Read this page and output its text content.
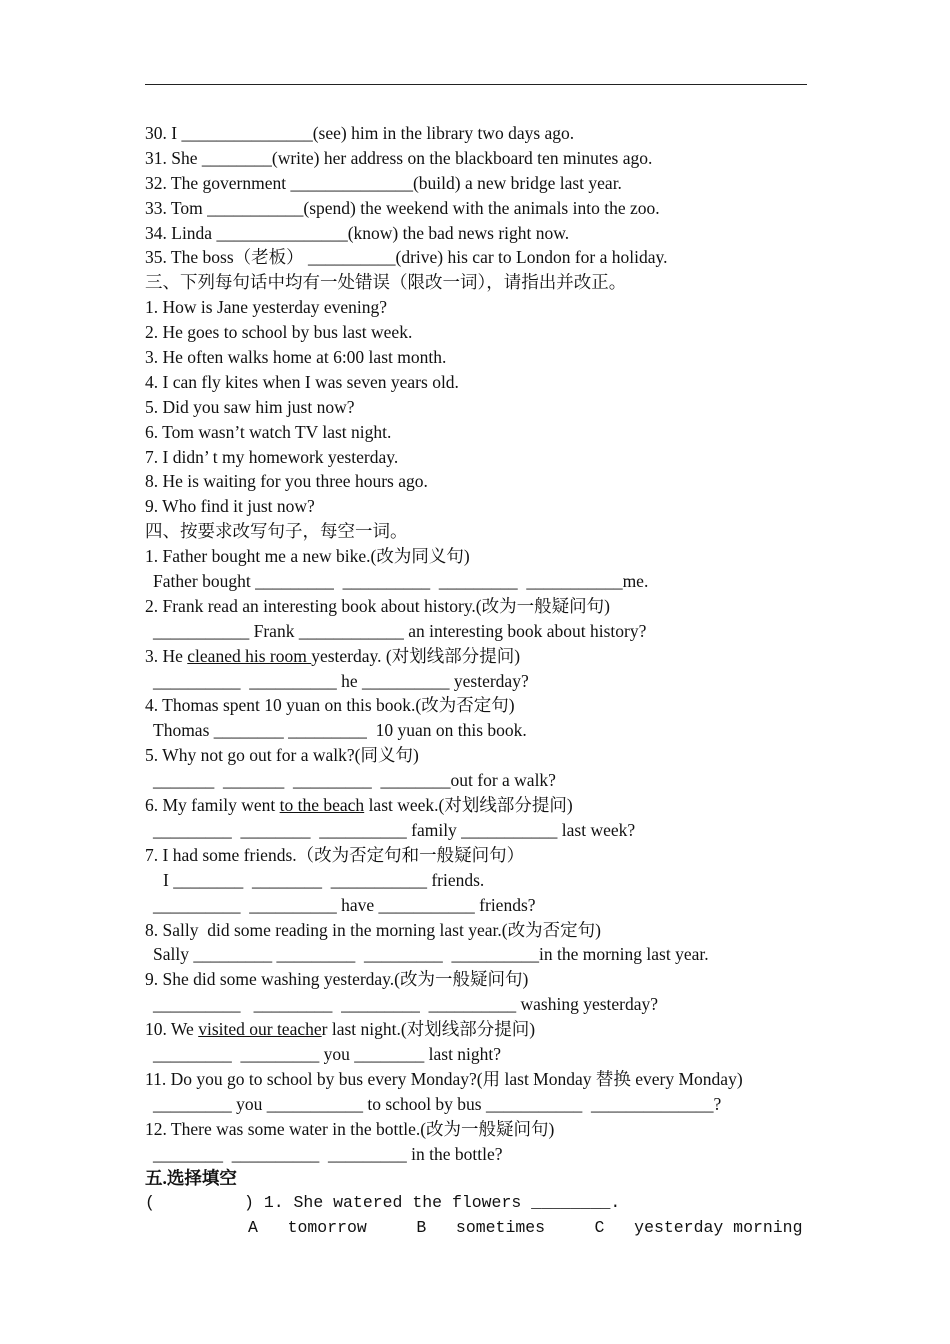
30. I _______________(see) him in the library two days ago.
31. She ________(write) her address on the blackboard ten minutes ago.
32. The government ______________(build) a new bridge last year.
33. Tom ___________(spend) the weekend with the animals into the zoo.
34. Linda _______________(know) the bad news right now.
35. The boss（老板） __________(drive) his car to London for a holiday.
三、下列每句话中均有一处错误（限改一词），请指出并改正。
1. How is Jane yesterday evening?
2. He goes to school by bus last week.
3. He often walks home at 6:00 last month.
4. I can fly kites when I was seven years old.
5. Did you saw him just now?
6. Tom wasn’t watch TV last night.
7. I didn’ t my homework yesterday.
8. He is waiting for you three hours ago.
9. Who find it just now?
四、按要求改写句子，每空一词。
1. Father bought me a new bike.(改为同义句)
Father bought _________  __________  _________  ___________me.
2. Frank read an interesting book about history.(改为一般疑问句)
___________ Frank ____________ an interesting book about history?
3. He cleaned his room yesterday. (对划线部分提问)
__________  __________ he __________ yesterday?
4. Thomas spent 10 yuan on this book.(改为否定句)
Thomas ________ _________  10 yuan on this book.
5. Why not go out for a walk?(同义句)
_______  _______  _________  ________out for a walk?
6. My family went to the beach last week.(对划线部分提问)
_________  ________  __________ family ___________ last week?
7. I had some friends.（改为否定句和一般疑问句）
I ________  ________  ___________ friends.
__________  __________ have ___________ friends?
8. Sally  did some reading in the morning last year.(改为否定句)
Sally _________ _________  _________  __________in the morning last year.
9. She did some washing yesterday.(改为一般疑问句)
__________   _________  _________  __________ washing yesterday?
10. We visited our teacher last night.(对划线部分提问)
_________  _________ you ________ last night?
11. Do you go to school by bus every Monday?(用 last Monday 替换 every Monday)
_________ you ___________ to school by bus ___________  ______________?
12. There was some water in the bottle.(改为一般疑问句)
________  __________  _________ in the bottle?
五.选择填空
(         ) 1. She watered the flowers ________.
A   tomorrow     B   sometimes     C   yesterday morning
